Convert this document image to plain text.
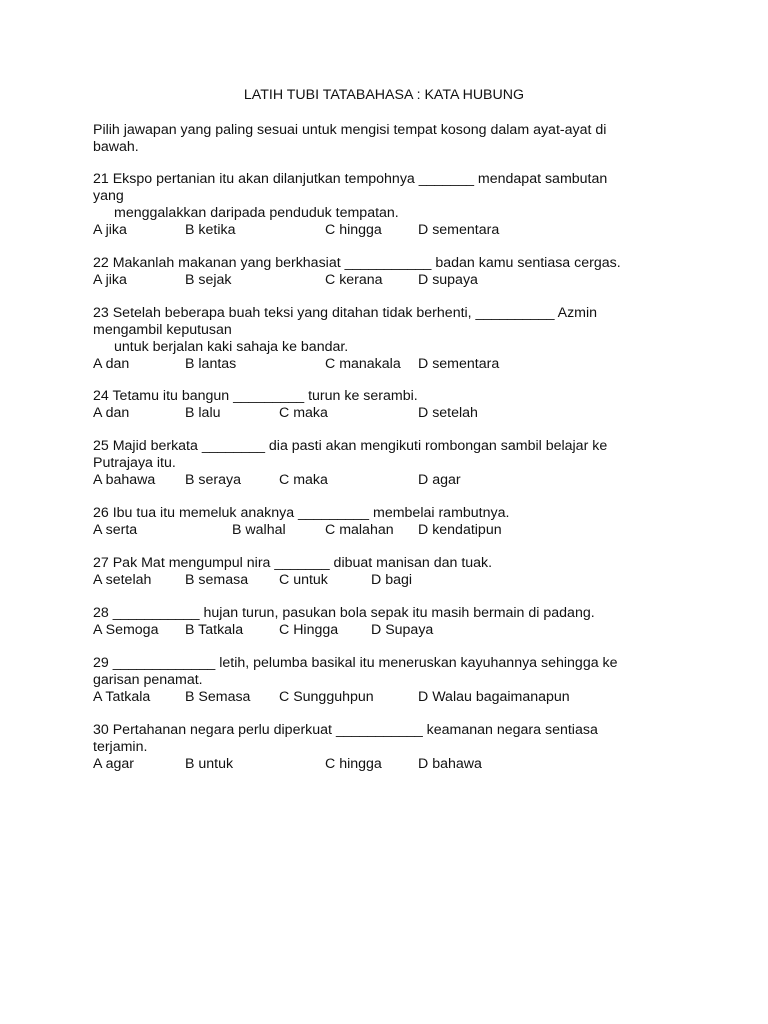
LATIH TUBI TATABAHASA : KATA HUBUNG
Pilih jawapan yang paling sesuai untuk mengisi tempat kosong dalam ayat-ayat di
bawah.
21 Ekspo pertanian itu akan dilanjutkan tempohnya _______ mendapat sambutan
yang
menggalakkan daripada penduduk tempatan.
A jika	B ketika	C hingga	D sementara
22 Makanlah makanan yang berkhasiat ___________ badan kamu sentiasa cergas.
A jika	B sejak	C kerana D supaya
23 Setelah beberapa buah teksi yang ditahan tidak berhenti, __________ Azmin
mengambil keputusan
untuk berjalan kaki sahaja ke bandar.
A dan	B lantas	C manakala D sementara
24 Tetamu itu bangun _________ turun ke serambi.
A dan	B lalu	C maka	D setelah
25 Majid berkata ________ dia pasti akan mengikuti rombongan sambil belajar ke
Putrajaya itu.
A bahawa B seraya	C maka	D agar
26 Ibu tua itu memeluk anaknya _________ membelai rambutnya.
A serta	B walhal	C malahan D kendatipun
27 Pak Mat mengumpul nira _______ dibuat manisan dan tuak.
A setelah B semasa C untuk	D bagi
28 ___________ hujan turun, pasukan bola sepak itu masih bermain di padang.
A Semoga B Tatkala	C Hingga D Supaya
29 _____________ letih, pelumba basikal itu meneruskan kayuhannya sehingga ke
garisan penamat.
A Tatkala B Semasa C Sungguhpun	D Walau bagaimanapun
30 Pertahanan negara perlu diperkuat ___________ keamanan negara sentiasa
terjamin.
A agar	B untuk	C hingga	D bahawa
